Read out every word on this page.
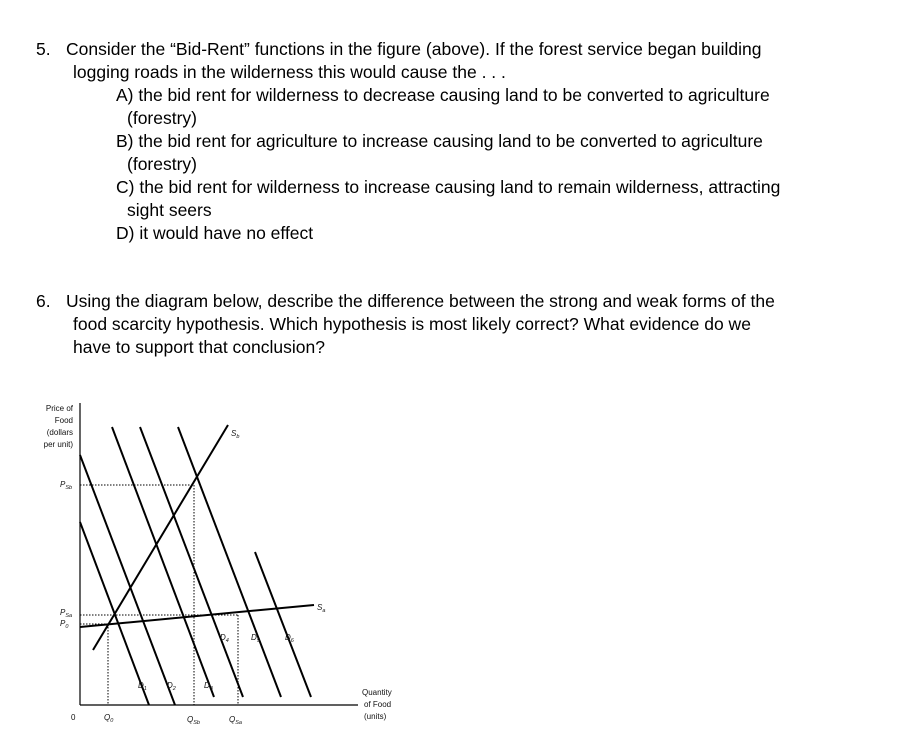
5. Consider the “Bid-Rent” functions in the figure (above). If the forest service began building

logging roads in the wilderness this would cause the . . .

A) the bid rent for wilderness to decrease causing land to be converted to agriculture

(forestry)

B) the bid rent for agriculture to increase causing land to be converted to agriculture

(forestry)

C) the bid rent for wilderness to increase causing land to remain wilderness, attracting

sight seers

D) it would have no effect

6. Using the diagram below, describe the difference between the strong and weak forms of the

food scarcity hypothesis. Which hypothesis is most likely correct? What evidence do we

have to support that conclusion?

Price of
Food
(dollars
per unit)
$S_b$
$S_a$
$D_1$	$D_2$	$D_3$
$D_4$	$D_5$	$D_6$
$P_{Sb}$
$P_{Sa}$
$P_0$
0	$Q_0$	$Q_{Sb}$	$Q_{Sa}$
Quantity
of Food
(units)
